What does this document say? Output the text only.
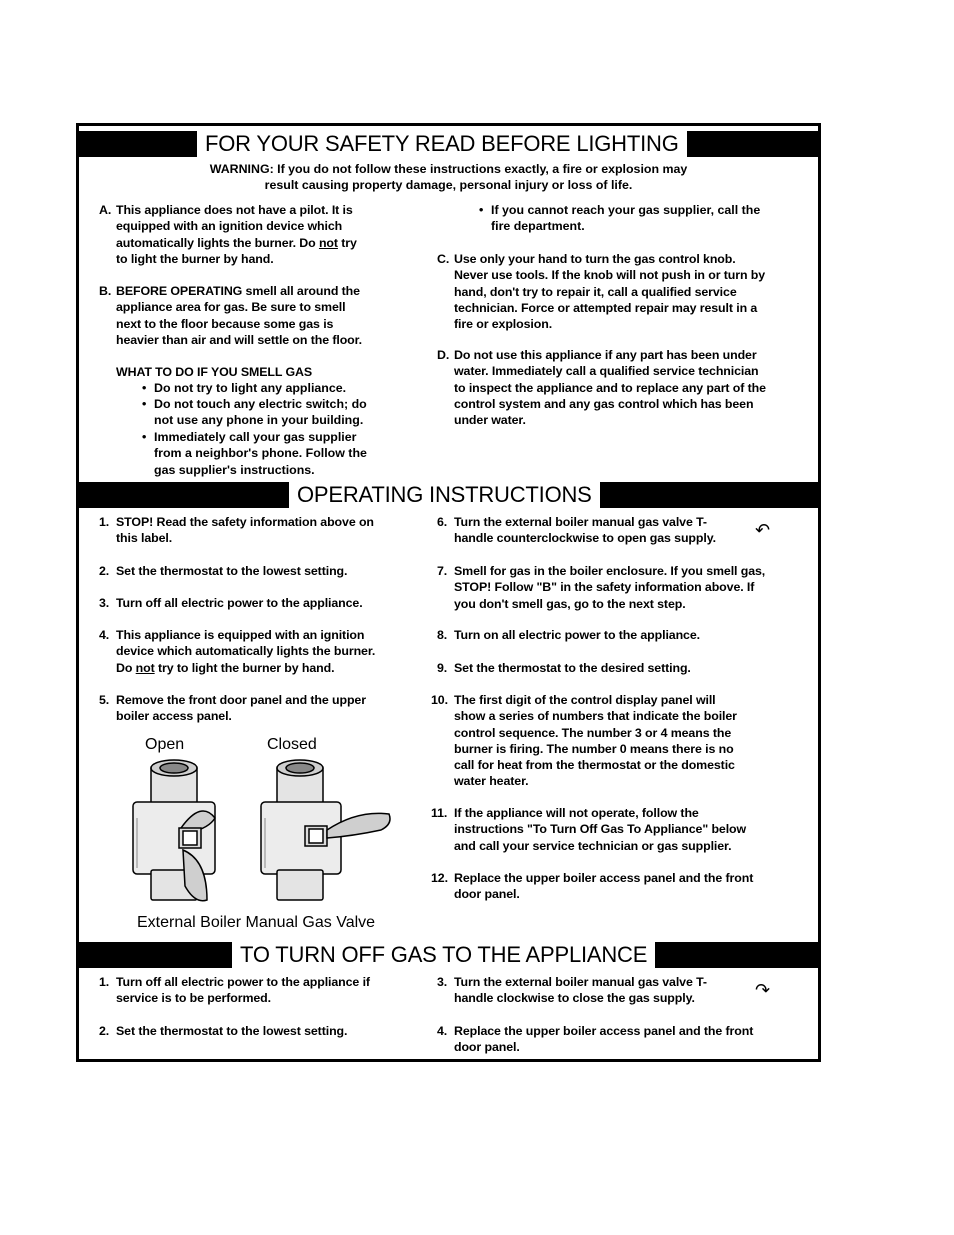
FOR YOUR SAFETY READ BEFORE LIGHTING
WARNING: If you do not follow these instructions exactly, a fire or explosion may
result causing property damage, personal injury or loss of life.
A. This appliance does not have a pilot. It is
equipped with an ignition device which
automatically lights the burner. Do not try
to light the burner by hand.
B. BEFORE OPERATING smell all around the
appliance area for gas. Be sure to smell
next to the floor because some gas is
heavier than air and will settle on the floor.
WHAT TO DO IF YOU SMELL GAS
• Do not try to light any appliance.
• Do not touch any electric switch; do
not use any phone in your building.
• Immediately call your gas supplier
from a neighbor's phone. Follow the
gas supplier's instructions.
• If you cannot reach your gas supplier, call the
fire department.
C. Use only your hand to turn the gas control knob.
Never use tools. If the knob will not push in or turn by
hand, don't try to repair it, call a qualified service
technician. Force or attempted repair may result in a
fire or explosion.
D. Do not use this appliance if any part has been under
water. Immediately call a qualified service technician
to inspect the appliance and to replace any part of the
control system and any gas control which has been
under water.
OPERATING INSTRUCTIONS
1. STOP! Read the safety information above on
this label.
2. Set the thermostat to the lowest setting.
3. Turn off all electric power to the appliance.
4. This appliance is equipped with an ignition
device which automatically lights the burner.
Do not try to light the burner by hand.
5. Remove the front door panel and the upper
boiler access panel.
Open	Closed
External Boiler Manual Gas Valve
6. Turn the external boiler manual gas valve T-
handle counterclockwise to open gas supply. ↶
7. Smell for gas in the boiler enclosure. If you smell gas,
STOP! Follow "B" in the safety information above. If
you don't smell gas, go to the next step.
8. Turn on all electric power to the appliance.
9. Set the thermostat to the desired setting.
10. The first digit of the control display panel will
show a series of numbers that indicate the boiler
control sequence. The number 3 or 4 means the
burner is firing. The number 0 means there is no
call for heat from the thermostat or the domestic
water heater.
11. If the appliance will not operate, follow the
instructions "To Turn Off Gas To Appliance" below
and call your service technician or gas supplier.
12. Replace the upper boiler access panel and the front
door panel.
TO TURN OFF GAS TO THE APPLIANCE
1. Turn off all electric power to the appliance if
service is to be performed.
2. Set the thermostat to the lowest setting.
3. Turn the external boiler manual gas valve T-
handle clockwise to close the gas supply.	↷
4. Replace the upper boiler access panel and the front
door panel.
